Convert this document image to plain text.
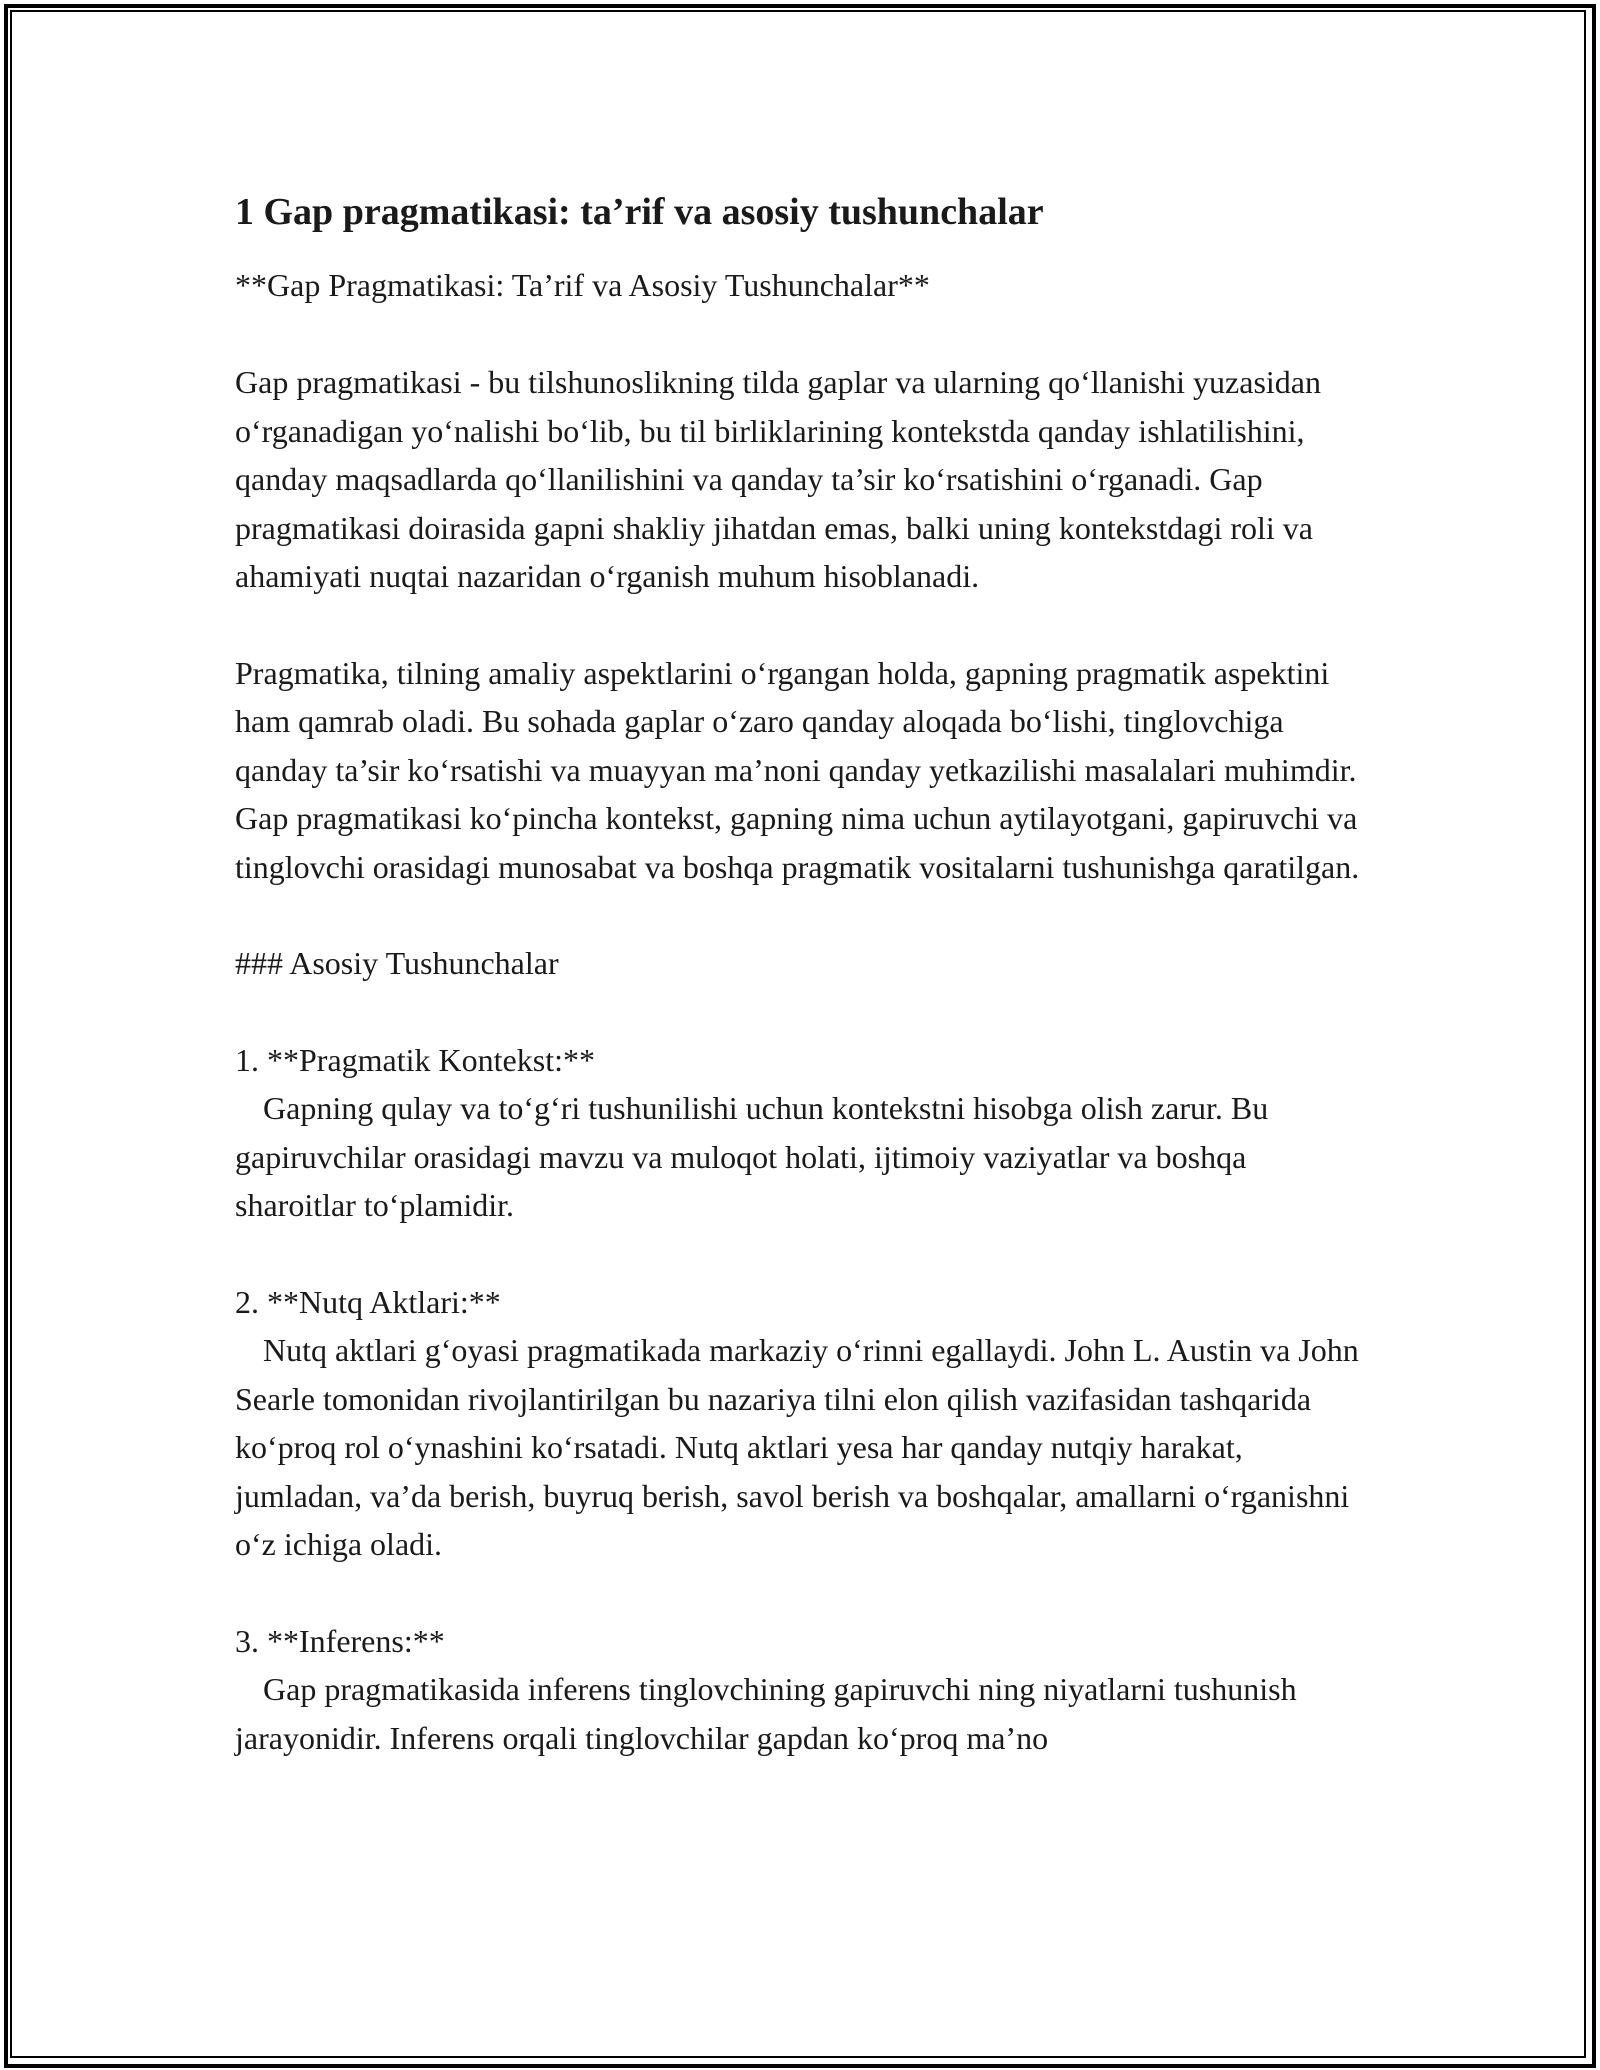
1 Gap pragmatikasi: ta’rif va asosiy tushunchalar

**Gap Pragmatikasi: Ta’rif va Asosiy Tushunchalar**

Gap pragmatikasi - bu tilshunoslikning tilda gaplar va ularning qo‘llanishi yuzasidan o‘rganadigan yo‘nalishi bo‘lib, bu til birliklarining kontekstda qanday ishlatilishini, qanday maqsadlarda qo‘llanilishini va qanday ta’sir ko‘rsatishini o‘rganadi. Gap pragmatikasi doirasida gapni shakliy jihatdan emas, balki uning kontekstdagi roli va ahamiyati nuqtai nazaridan o‘rganish muhum hisoblanadi.

Pragmatika, tilning amaliy aspektlarini o‘rgangan holda, gapning pragmatik aspektini ham qamrab oladi. Bu sohada gaplar o‘zaro qanday aloqada bo‘lishi, tinglovchiga qanday ta’sir ko‘rsatishi va muayyan ma’noni qanday yetkazilishi masalalari muhimdir. Gap pragmatikasi ko‘pincha kontekst, gapning nima uchun aytilayotgani, gapiruvchi va tinglovchi orasidagi munosabat va boshqa pragmatik vositalarni tushunishga qaratilgan.

### Asosiy Tushunchalar

1. **Pragmatik Kontekst:**
Gapning qulay va to‘g‘ri tushunilishi uchun kontekstni hisobga olish zarur. Bu gapiruvchilar orasidagi mavzu va muloqot holati, ijtimoiy vaziyatlar va boshqa sharoitlar to‘plamidir.
2. **Nutq Aktlari:**
Nutq aktlari g‘oyasi pragmatikada markaziy o‘rinni egallaydi. John L. Austin va John Searle tomonidan rivojlantirilgan bu nazariya tilni elon qilish vazifasidan tashqarida ko‘proq rol o‘ynashini ko‘rsatadi. Nutq aktlari yesa har qanday nutqiy harakat, jumladan, va’da berish, buyruq berish, savol berish va boshqalar, amallarni o‘rganishni o‘z ichiga oladi.
3. **Inferens:**
Gap pragmatikasida inferens tinglovchining gapiruvchi ning niyatlarni tushunish jarayonidir. Inferens orqali tinglovchilar gapdan ko‘proq ma’no
